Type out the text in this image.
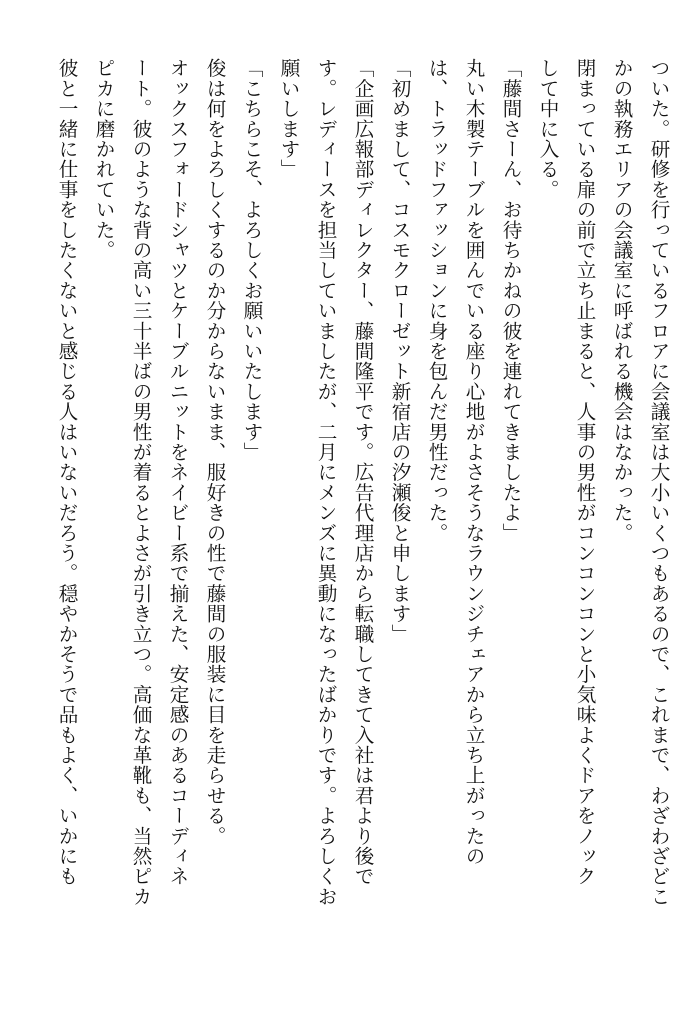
ついた。研修を行っているフロアに会議室は大小いくつもあるので、これまで、わざわざどこ
かの執務エリアの会議室に呼ばれる機会はなかった。
閉まっている扉の前で立ち止まると、人事の男性がコンコンコンと小気味よくドアをノック
して中に入る。
「藤間さーん、お待ちかねの彼を連れてきましたよ」
丸い木製テーブルを囲んでいる座り心地がよさそうなラウンジチェアから立ち上がったの
は、トラッドファッションに身を包んだ男性だった。
「初めまして、コスモクローゼット新宿店の汐瀬俊と申します」
「企画広報部ディレクター、藤間隆平です。広告代理店から転職してきて入社は君より後で
す。レディースを担当していましたが、二月にメンズに異動になったばかりです。よろしくお
願いします」
「こちらこそ、よろしくお願いいたします」
俊は何をよろしくするのか分からないまま、服好きの性で藤間の服装に目を走らせる。
オックスフォードシャツとケーブルニットをネイビー系で揃えた、安定感のあるコーディネ
ート。彼のような背の高い三十半ばの男性が着るとよさが引き立つ。高価な革靴も、当然ピカ
ピカに磨かれていた。
彼と一緒に仕事をしたくないと感じる人はいないだろう。穏やかそうで品もよく、いかにも
